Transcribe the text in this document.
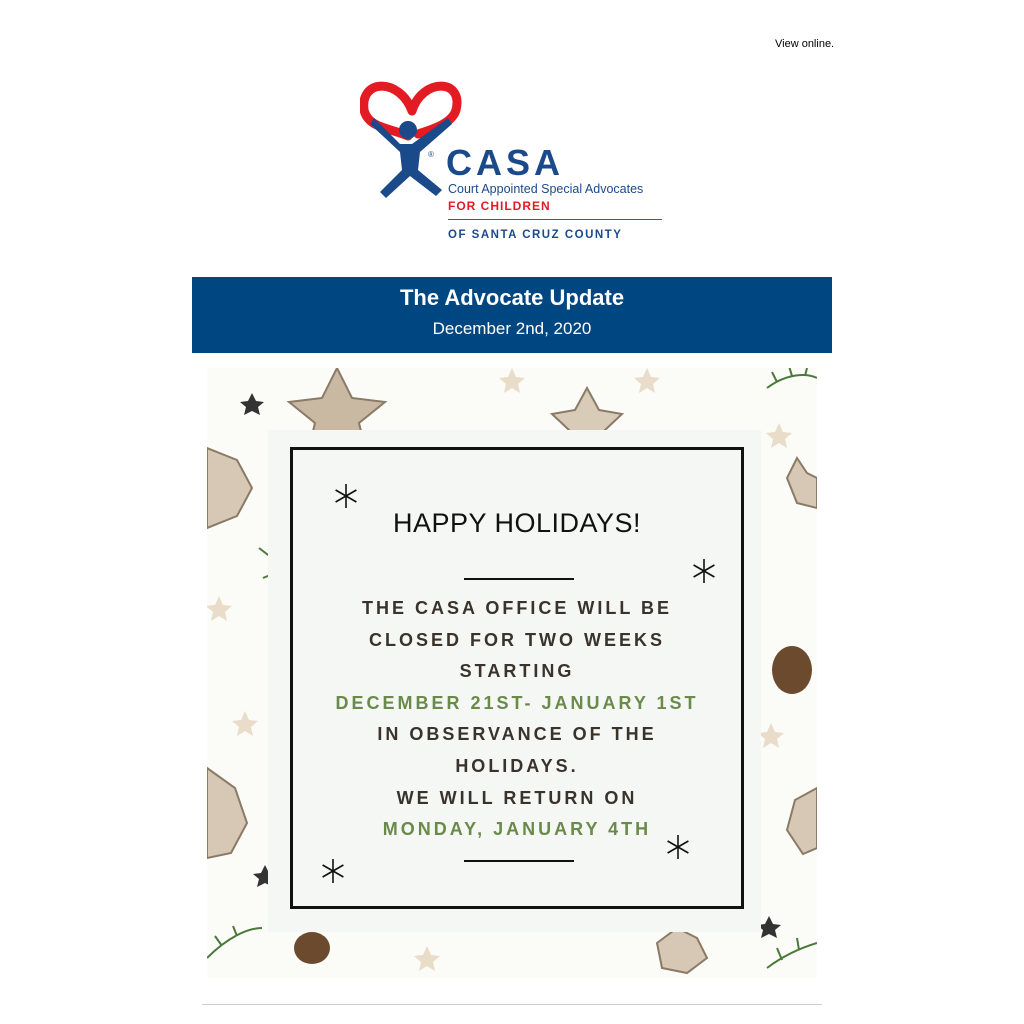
View online.
® CASA
Court Appointed Special Advocates
FOR CHILDREN
OF SANTA CRUZ COUNTY
The Advocate Update
December 2nd, 2020
HAPPY HOLIDAYS!
THE CASA OFFICE WILL BE
CLOSED FOR TWO WEEKS
STARTING
DECEMBER 21ST- JANUARY 1ST
IN OBSERVANCE OF THE
HOLIDAYS.
WE WILL RETURN ON
MONDAY, JANUARY 4TH
